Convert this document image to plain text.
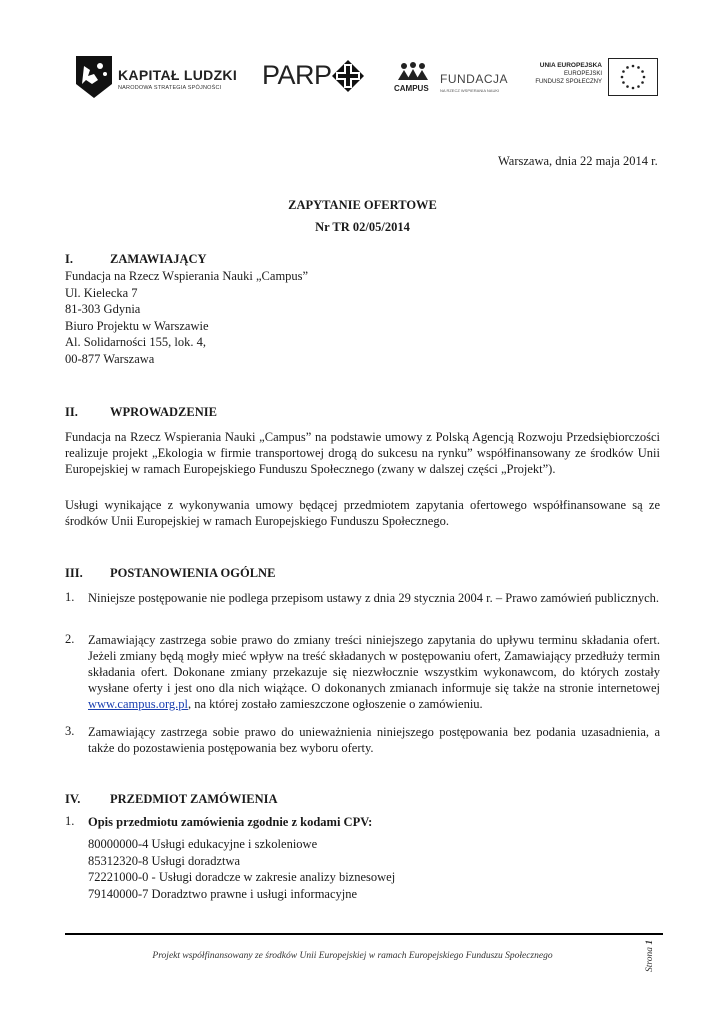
KAPITAŁ LUDZKI
NARODOWA STRATEGIA SPÓJNOŚCI PARP	CAMPUS
FUNDACJA
NA RZECZ WSPIERANIA NAUKI
UNIA EUROPEJSKA
EUROPEJSKI
FUNDUSZ SPOŁECZNY
Warszawa, dnia 22 maja 2014 r.
ZAPYTANIE OFERTOWE
Nr TR 02/05/2014
I.	ZAMAWIAJĄCY
Fundacja na Rzecz Wspierania Nauki „Campus”
Ul. Kielecka 7
81-303 Gdynia
Biuro Projektu w Warszawie
Al. Solidarności 155, lok. 4,
00-877 Warszawa
II.	WPROWADZENIE
Fundacja na Rzecz Wspierania Nauki „Campus” na podstawie umowy z Polską Agencją Rozwoju Przedsiębiorczości realizuje projekt „Ekologia w firmie transportowej drogą do sukcesu na rynku” współfinansowany ze środków Unii Europejskiej w ramach Europejskiego Funduszu Społecznego (zwany w dalszej części „Projekt”).
Usługi wynikające z wykonywania umowy będącej przedmiotem zapytania ofertowego współfinansowane są ze środków Unii Europejskiej w ramach Europejskiego Funduszu Społecznego.
III. POSTANOWIENIA OGÓLNE
1. Niniejsze postępowanie nie podlega przepisom ustawy z dnia 29 stycznia 2004 r. – Prawo zamówień publicznych.
2. Zamawiający zastrzega sobie prawo do zmiany treści niniejszego zapytania do upływu terminu składania ofert. Jeżeli zmiany będą mogły mieć wpływ na treść składanych w postępowaniu ofert, Zamawiający przedłuży termin składania ofert. Dokonane zmiany przekazuje się niezwłocznie wszystkim wykonawcom, do których zostały wysłane oferty i jest ono dla nich wiążące. O dokonanych zmianach informuje się także na stronie internetowej www.campus.org.pl, na której zostało zamieszczone ogłoszenie o zamówieniu.
3. Zamawiający zastrzega sobie prawo do unieważnienia niniejszego postępowania bez podania uzasadnienia, a także do pozostawienia postępowania bez wyboru oferty.
IV. PRZEDMIOT ZAMÓWIENIA
1. Opis przedmiotu zamówienia zgodnie z kodami CPV:
80000000-4 Usługi edukacyjne i szkoleniowe
85312320-8 Usługi doradztwa
72221000-0 - Usługi doradcze w zakresie analizy biznesowej
79140000-7 Doradztwo prawne i usługi informacyjne
Projekt współfinansowany ze środków Unii Europejskiej w ramach Europejskiego Funduszu Społecznego	Strona 1
